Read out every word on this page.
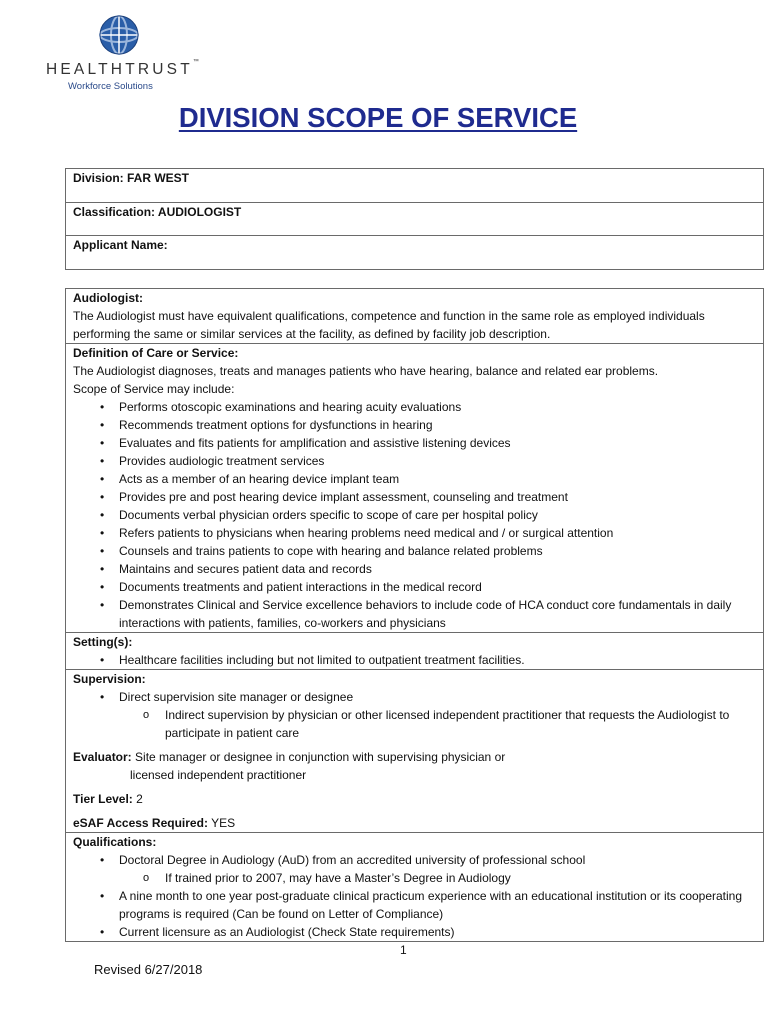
HEALTHTRUST™
Workforce Solutions
DIVISION SCOPE OF SERVICE
Division: FAR WEST
Classification: AUDIOLOGIST
Applicant Name:
Audiologist:
The Audiologist must have equivalent qualifications, competence and function in the same role as employed individuals performing the same or similar services at the facility, as defined by facility job description.

Definition of Care or Service:
The Audiologist diagnoses, treats and manages patients who have hearing, balance and related ear problems.
Scope of Service may include:
• Performs otoscopic examinations and hearing acuity evaluations
• Recommends treatment options for dysfunctions in hearing
• Evaluates and fits patients for amplification and assistive listening devices
• Provides audiologic treatment services
• Acts as a member of an hearing device implant team
• Provides pre and post hearing device implant assessment, counseling and treatment
• Documents verbal physician orders specific to scope of care per hospital policy
• Refers patients to physicians when hearing problems need medical and / or surgical attention
• Counsels and trains patients to cope with hearing and balance related problems
• Maintains and secures patient data and records
• Documents treatments and patient interactions in the medical record
• Demonstrates Clinical and Service excellence behaviors to include code of HCA conduct core fundamentals in daily interactions with patients, families, co-workers and physicians

Setting(s):
• Healthcare facilities including but not limited to outpatient treatment facilities.

Supervision:
• Direct supervision site manager or designee
o Indirect supervision by physician or other licensed independent practitioner that requests the Audiologist to participate in patient care
Evaluator: Site manager or designee in conjunction with supervising physician or
licensed independent practitioner
Tier Level: 2
eSAF Access Required: YES

Qualifications:
• Doctoral Degree in Audiology (AuD) from an accredited university of professional school
o If trained prior to 2007, may have a Master’s Degree in Audiology
• A nine month to one year post-graduate clinical practicum experience with an educational institution or its cooperating programs is required (Can be found on Letter of Compliance)
• Current licensure as an Audiologist (Check State requirements)
1
Revised 6/27/2018
